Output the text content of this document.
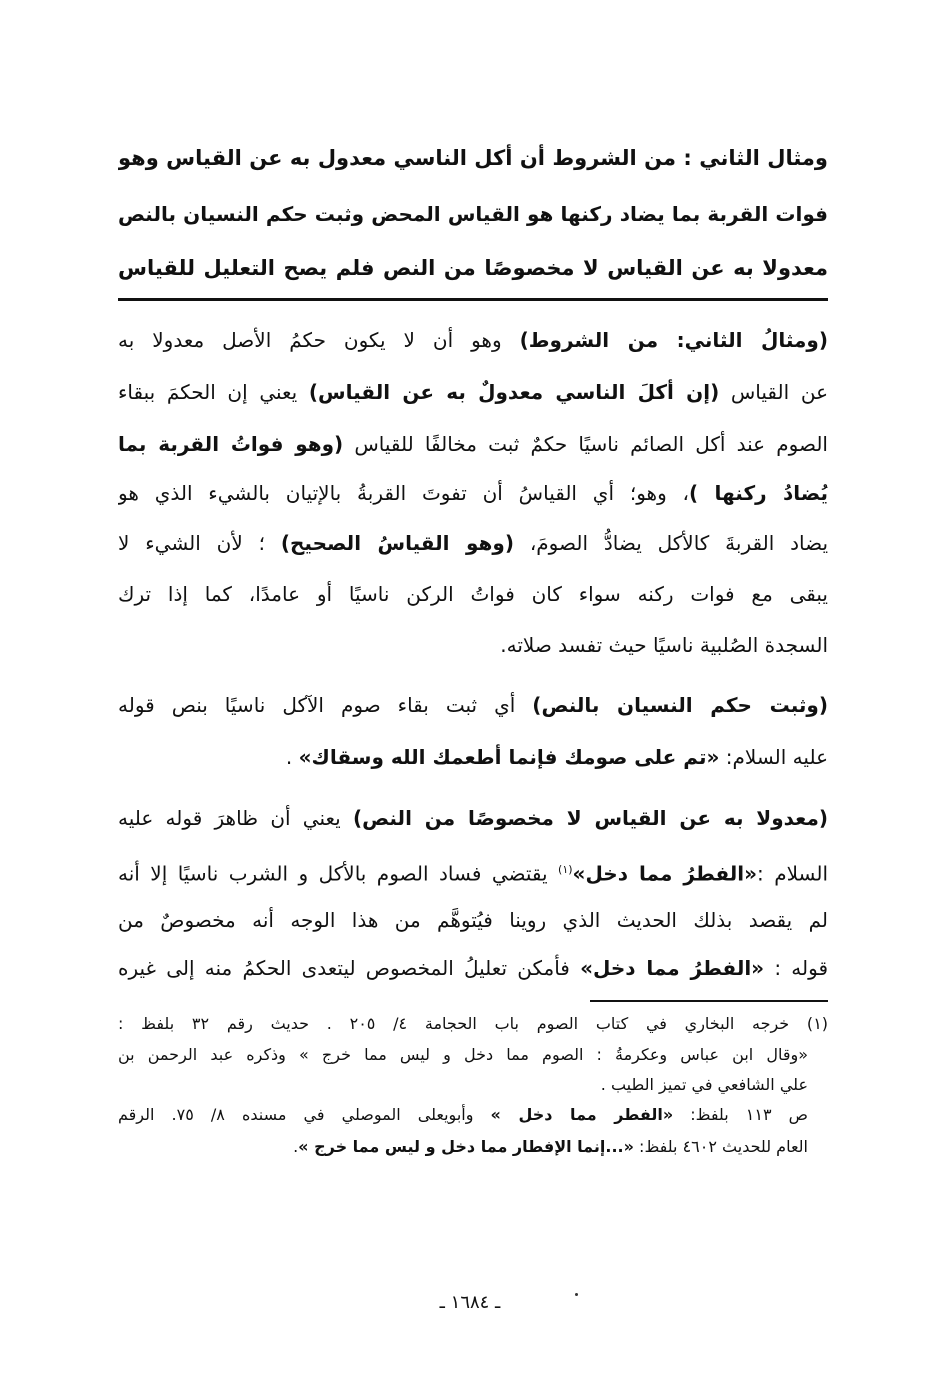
ومثال الثاني : من الشروط أن أكل الناسي معدول به عن القياس وهو
فوات القربة بما يضاد ركنها هو القياس المحض وثبت حكم النسيان بالنص
معدولا به عن القياس لا مخصوصًا من النص فلم يصح التعليل للقياس
(ومثالُ الثاني: من الشروط) وهو أن لا يكون حكمُ الأصل معدولا به
عن القياس (إن أكلَ الناسي معدولٌ به عن القياس) يعني إن الحكمَ ببقاء
الصوم عند أكل الصائم ناسيًا حكمٌ ثبت مخالفًا للقياس (وهو فواتُ القربة بما
يُضادُ ركنها )، وهو؛ أي القياسُ أن تفوتَ القربةُ بالإتيان بالشيء الذي هو
يضاد القربةَ كالأكل يضادُّ الصومَ، (وهو القياسُ الصحيح) ؛ لأن الشيء لا
يبقى مع فوات ركنه سواء كان فواتُ الركن ناسيًا أو عامدًا، كما إذا ترك
السجدة الصُلبية ناسيًا حيث تفسد صلاته.
(وثبت حكم النسيان بالنص) أي ثبت بقاء صوم الآكل ناسيًا بنص قوله
عليه السلام: «تم على صومك فإنما أطعمك الله وسقاك» .
(معدولا به عن القياس لا مخصوصًا من النص) يعني أن ظاهرَ قوله عليه
السلام :«الفطرُ مما دخل»$^{(١)}$ يقتضي فساد الصوم بالأكل و الشرب ناسيًا إلا أنه
لم يقصد بذلك الحديث الذي روينا فيُتوهَّم من هذا الوجه أنه مخصوصٌ من
قوله : «الفطرُ مما دخل» فأمكن تعليلُ المخصوص ليتعدى الحكمُ منه إلى غيره
(١) خرجه البخاري في كتاب الصوم باب الحجامة ٤/ ٢٠٥ . حديث رقم ٣٢ بلفظ :
«وقال ابن عباس وعكرمةُ : الصوم مما دخل و ليس مما خرج » وذكره عبد الرحمن بن
علي الشافعي في تميز الطيب .
ص ١١٣ بلفظ: «الفطر مما دخل » وأبويعلى الموصلي في مسنده ٨/ ٧٥. الرقم
العام للحديث ٤٦٠٢ بلفظ: «...إنما الإفطار مما دخل و ليس مما خرج ».
ـ ١٦٨٤ ـ
